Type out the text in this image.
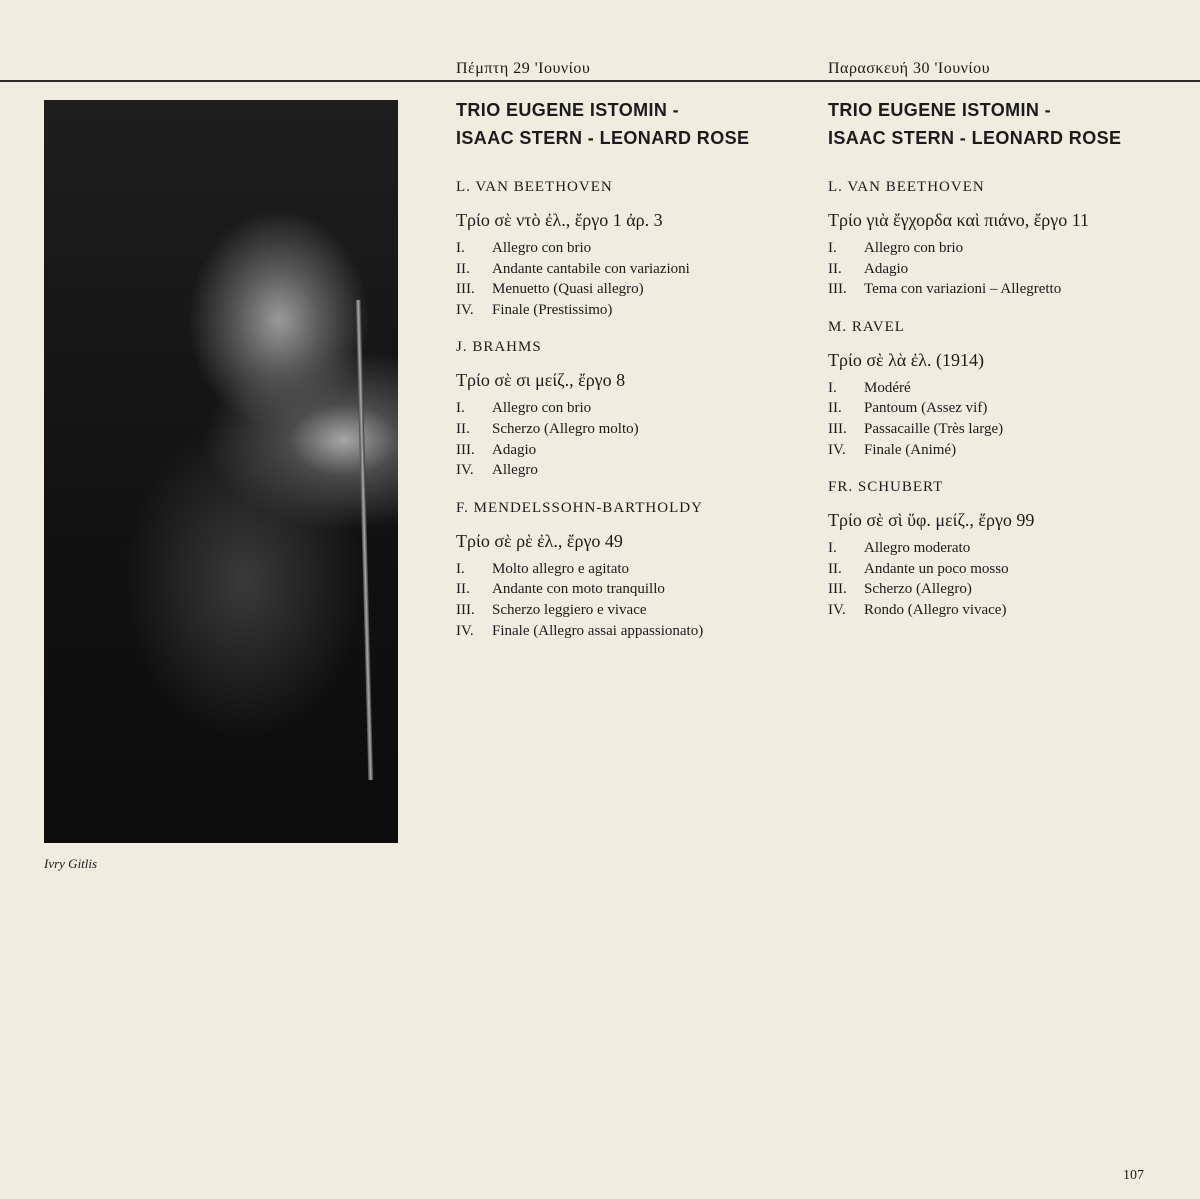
Πέμπτη 29 'Ιουνίου	Παρασκευή 30 'Ιουνίου
Ivry Gitlis
TRIO EUGENE ISTOMIN -
ISAAC STERN - LEONARD ROSE
L. VAN BEETHOVEN
Τρίο σὲ ντὸ ἐλ., ἔργο 1 ἀρ. 3
I. Allegro con brio
II. Andante cantabile con variazioni
III. Menuetto (Quasi allegro)
IV. Finale (Prestissimo)
J. BRAHMS
Τρίο σὲ σι μείζ., ἔργο 8
I. Allegro con brio
II. Scherzo (Allegro molto)
III. Adagio
IV. Allegro
F. MENDELSSOHN-BARTHOLDY
Τρίο σὲ ρὲ ἐλ., ἔργο 49
I. Molto allegro e agitato
II. Andante con moto tranquillo
III. Scherzo leggiero e vivace
IV. Finale (Allegro assai appassionato)
TRIO EUGENE ISTOMIN -
ISAAC STERN - LEONARD ROSE
L. VAN BEETHOVEN
Τρίο γιὰ ἔγχορδα καὶ πιάνο, ἔργο 11
I. Allegro con brio
II. Adagio
III. Tema con variazioni – Allegretto
M. RAVEL
Τρίο σὲ λὰ ἐλ. (1914)
I. Modéré
II. Pantoum (Assez vif)
III. Passacaille (Très large)
IV. Finale (Animé)
FR. SCHUBERT
Τρίο σὲ σὶ ὕφ. μείζ., ἔργο 99
I. Allegro moderato
II. Andante un poco mosso
III. Scherzo (Allegro)
IV. Rondo (Allegro vivace)
107
